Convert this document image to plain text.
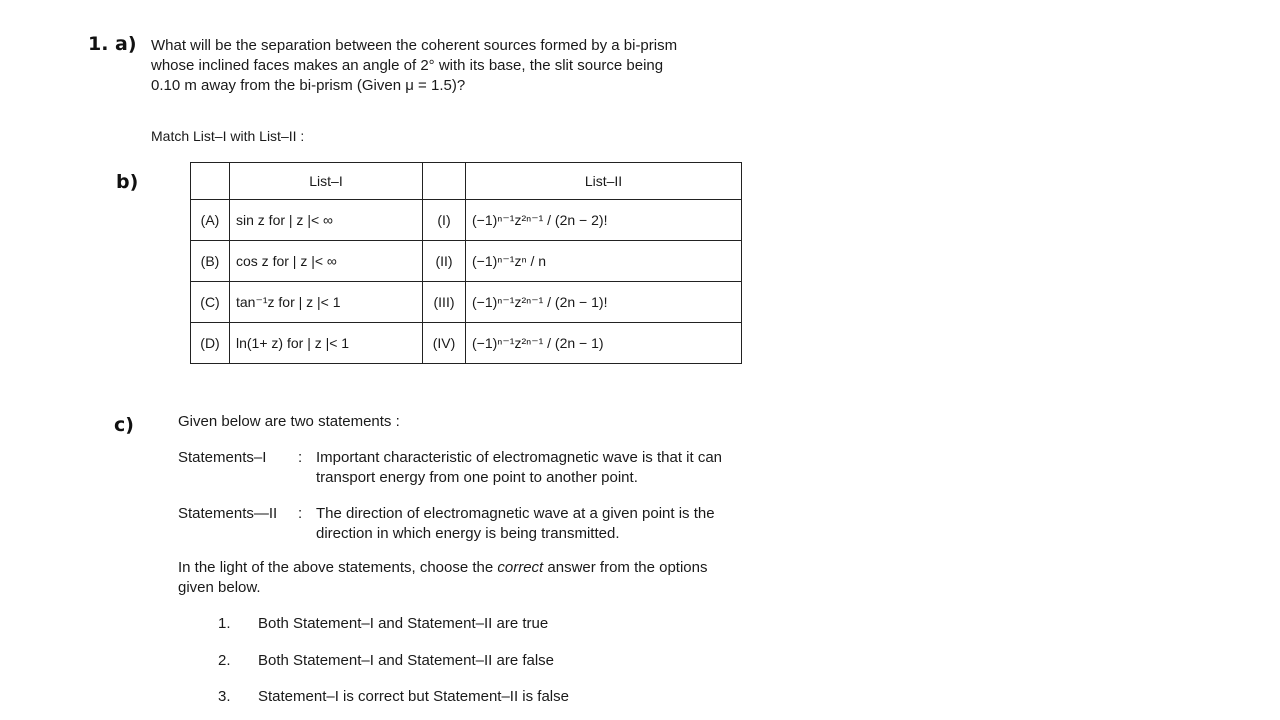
1. a) What will be the separation between the coherent sources formed by a bi-prism
whose inclined faces makes an angle of 2° with its base, the slit source being
0.10 m away from the bi-prism (Given μ = 1.5)?
Match List–I with List–II :
b)
		List–I		List–II
(A)	sin z for | z |< ∞	(I)	(−1)ⁿ⁻¹z²ⁿ⁻¹ / (2n − 2)!
(B)	cos z for | z |< ∞	(II)	(−1)ⁿ⁻¹zⁿ / n
(C)	tan⁻¹z for | z |< 1	(III)	(−1)ⁿ⁻¹z²ⁿ⁻¹ / (2n − 1)!
(D)	ln(1+ z) for | z |< 1	(IV)	(−1)ⁿ⁻¹z²ⁿ⁻¹ / (2n − 1)
c)	Given below are two statements :
Statements–I : Important characteristic of electromagnetic wave is that it can
transport energy from one point to another point.
Statements—II : The direction of electromagnetic wave at a given point is the
direction in which energy is being transmitted.
In the light of the above statements, choose the correct answer from the options
given below.
1. Both Statement–I and Statement–II are true
2. Both Statement–I and Statement–II are false
3. Statement–I is correct but Statement–II is false
